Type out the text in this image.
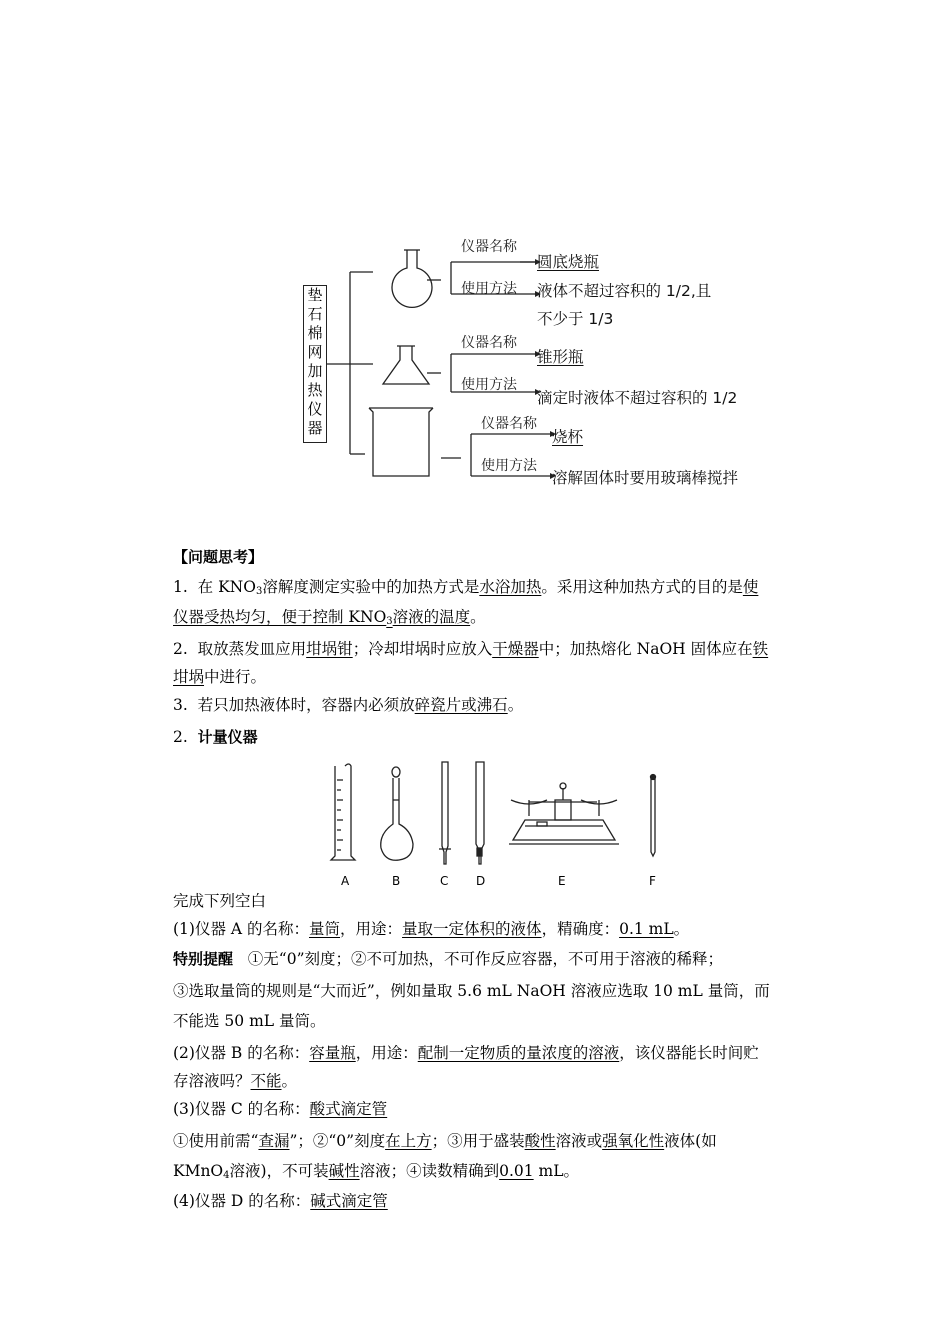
垫石棉网加热仪器
仪器名称
圆底烧瓶
使用方法 液体不超过容积的 1/2,且
不少于 1/3
仪器名称
锥形瓶
使用方法
滴定时液体不超过容积的 1/2
仪器名称
烧杯
使用方法
溶解固体时要用玻璃棒搅拌
【问题思考】
1. 在 $KNO_3$溶解度测定实验中的加热方式是水浴加热。采用这种加热方式的目的是使
仪器受热均匀，便于控制 $KNO_3$溶液的温度。
2. 取放蒸发皿应用坩埚钳；冷却坩埚时应放入干燥器中；加热熔化 NaOH 固体应在铁
坩埚中进行。
3. 若只加热液体时，容器内必须放碎瓷片或沸石。
2. 计量仪器
A	B	C D	E	F
完成下列空白
(1)仪器 A 的名称：量筒，用途：量取一定体积的液体，精确度：0.1 mL。
特别提醒 ①无“0”刻度；②不可加热，不可作反应容器，不可用于溶液的稀释；
③选取量筒的规则是“大而近”，例如量取 5.6 mL NaOH 溶液应选取 10 mL 量筒，而
不能选 50 mL 量筒。
(2)仪器 B 的名称：容量瓶，用途：配制一定物质的量浓度的溶液，该仪器能长时间贮
存溶液吗？不能。
(3)仪器 C 的名称：酸式滴定管
①使用前需“查漏”；②“0”刻度在上方；③用于盛装酸性溶液或强氧化性液体(如
KMnO$_4$溶液)，不可装碱性溶液；④读数精确到0.01 mL。
(4)仪器 D 的名称：碱式滴定管
